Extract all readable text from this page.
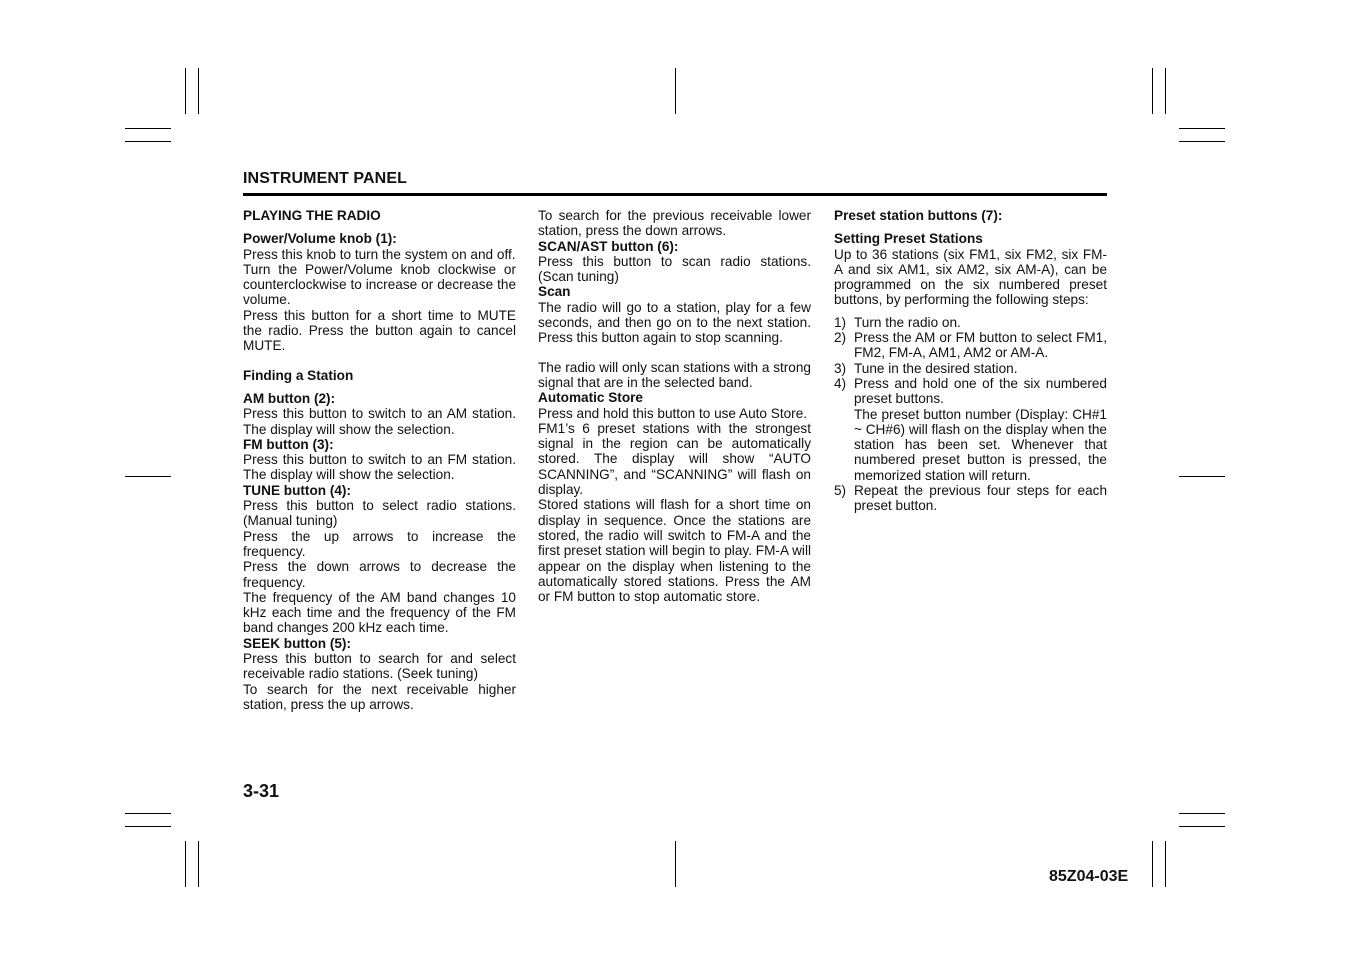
INSTRUMENT PANEL
PLAYING THE RADIO
Power/Volume knob (1):

Press this knob to turn the system on and off.

Turn the Power/Volume knob clockwise or counterclockwise to increase or decrease the volume.

Press this button for a short time to MUTE the radio. Press the button again to cancel MUTE.

Finding a Station
AM button (2):

Press this button to switch to an AM station. The display will show the selection.

FM button (3):

Press this button to switch to an FM station. The display will show the selection.

TUNE button (4):

Press this button to select radio stations. (Manual tuning)

Press the up arrows to increase the frequency.

Press the down arrows to decrease the frequency.

The frequency of the AM band changes 10 kHz each time and the frequency of the FM band changes 200 kHz each time.

SEEK button (5):

Press this button to search for and select receivable radio stations. (Seek tuning)

To search for the next receivable higher station, press the up arrows.

To search for the previous receivable lower station, press the down arrows.

SCAN/AST button (6):

Press this button to scan radio stations. (Scan tuning)

Scan

The radio will go to a station, play for a few seconds, and then go on to the next station. Press this button again to stop scanning.

The radio will only scan stations with a strong signal that are in the selected band.

Automatic Store

Press and hold this button to use Auto Store.

FM1’s 6 preset stations with the strongest signal in the region can be automatically stored. The display will show “AUTO SCANNING”, and “SCANNING” will flash on display.

Stored stations will flash for a short time on display in sequence. Once the stations are stored, the radio will switch to FM-A and the first preset station will begin to play. FM-A will appear on the display when listening to the automatically stored stations. Press the AM or FM button to stop automatic store.

Preset station buttons (7):
Setting Preset Stations

Up to 36 stations (six FM1, six FM2, six FM-A and six AM1, six AM2, six AM-A), can be programmed on the six numbered preset buttons, by performing the following steps:

1) Turn the radio on.
2) Press the AM or FM button to select FM1, FM2, FM-A, AM1, AM2 or AM-A.
3) Tune in the desired station.
4) Press and hold one of the six numbered preset buttons.
The preset button number (Display: CH#1 ~ CH#6) will flash on the display when the station has been set. Whenever that numbered preset button is pressed, the memorized station will return.
5) Repeat the previous four steps for each preset button.
3-31
85Z04-03E
